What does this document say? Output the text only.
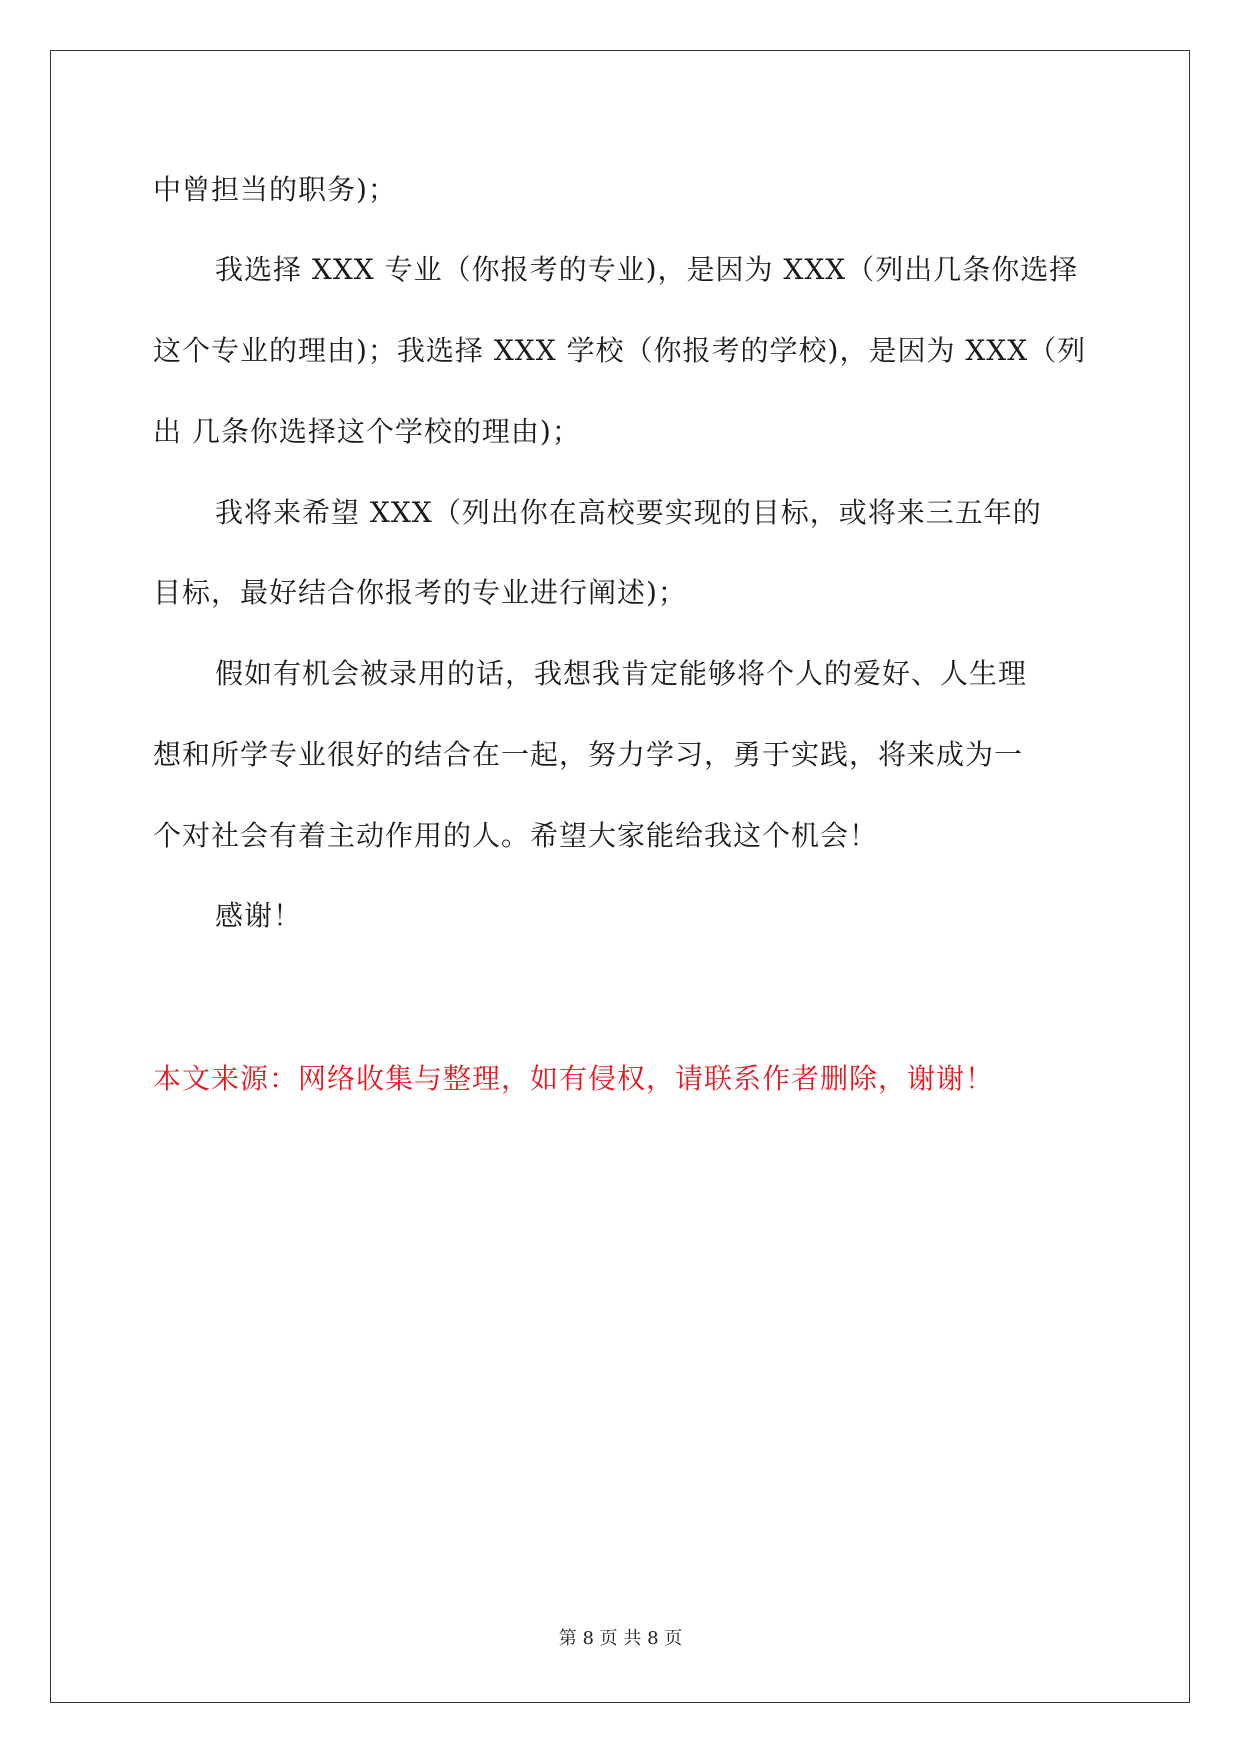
中曾担当的职务)；
我选择 XXX 专业（你报考的专业)，是因为 XXX（列出几条你选择
这个专业的理由)；我选择 XXX 学校（你报考的学校)，是因为 XXX（列
出 几条你选择这个学校的理由)；
我将来希望 XXX（列出你在高校要实现的目标，或将来三五年的
目标，最好结合你报考的专业进行阐述)；
假如有机会被录用的话，我想我肯定能够将个人的爱好、人生理
想和所学专业很好的结合在一起，努力学习，勇于实践，将来成为一
个对社会有着主动作用的人。希望大家能给我这个机会！
感谢！
本文来源：网络收集与整理，如有侵权，请联系作者删除，谢谢！
第 8 页 共 8 页
